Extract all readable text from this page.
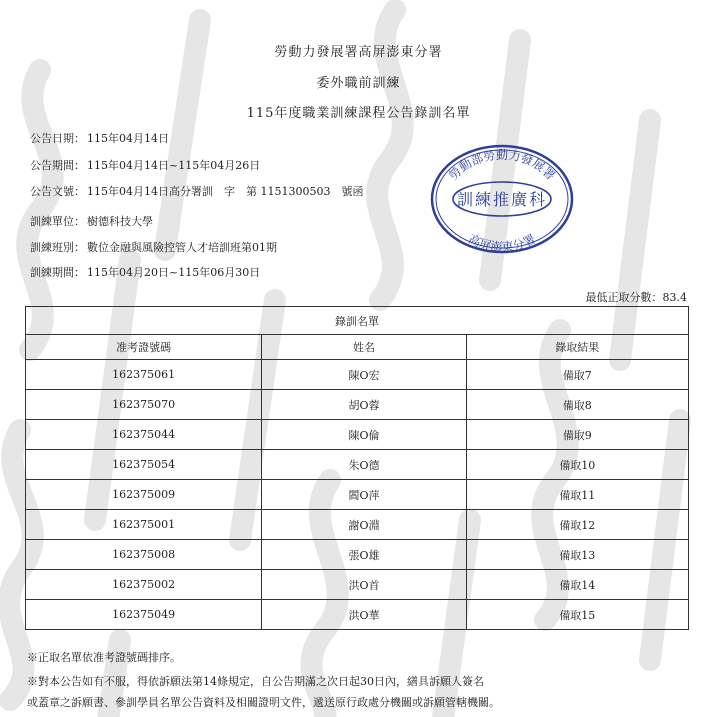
勞動力發展署高屏澎東分署
委外職前訓練
115年度職業訓練課程公告錄訓名單
公告日期： 115年04月14日
公告期間： 115年04月14日~115年04月26日
公告文號： 115年04月14日高分署訓　字　第 1151300503　號函
訓練單位： 樹德科技大學
訓練班別： 數位金融與風險控管人才培訓班第01期
訓練期間： 115年04月20日~115年06月30日
勞動部勞動力發展署
訓練推廣科
高屏澎東分署
最低正取分數：83.4
錄訓名單		
准考證號碼	姓名	錄取結果
162375061	陳O宏	備取7
162375070	胡O蓉	備取8
162375044	陳O倫	備取9
162375054	朱O德	備取10
162375009	閻O萍	備取11
162375001	謝O淵	備取12
162375008	張O雄	備取13
162375002	洪O首	備取14
162375049	洪O華	備取15
※正取名單依准考證號碼排序。
※對本公告如有不服，得依訴願法第14條規定，自公告期滿之次日起30日內，繕具訴願人簽名
或蓋章之訴願書、參訓學員名單公告資料及相關證明文件，遞送原行政處分機關或訴願管轄機關。
